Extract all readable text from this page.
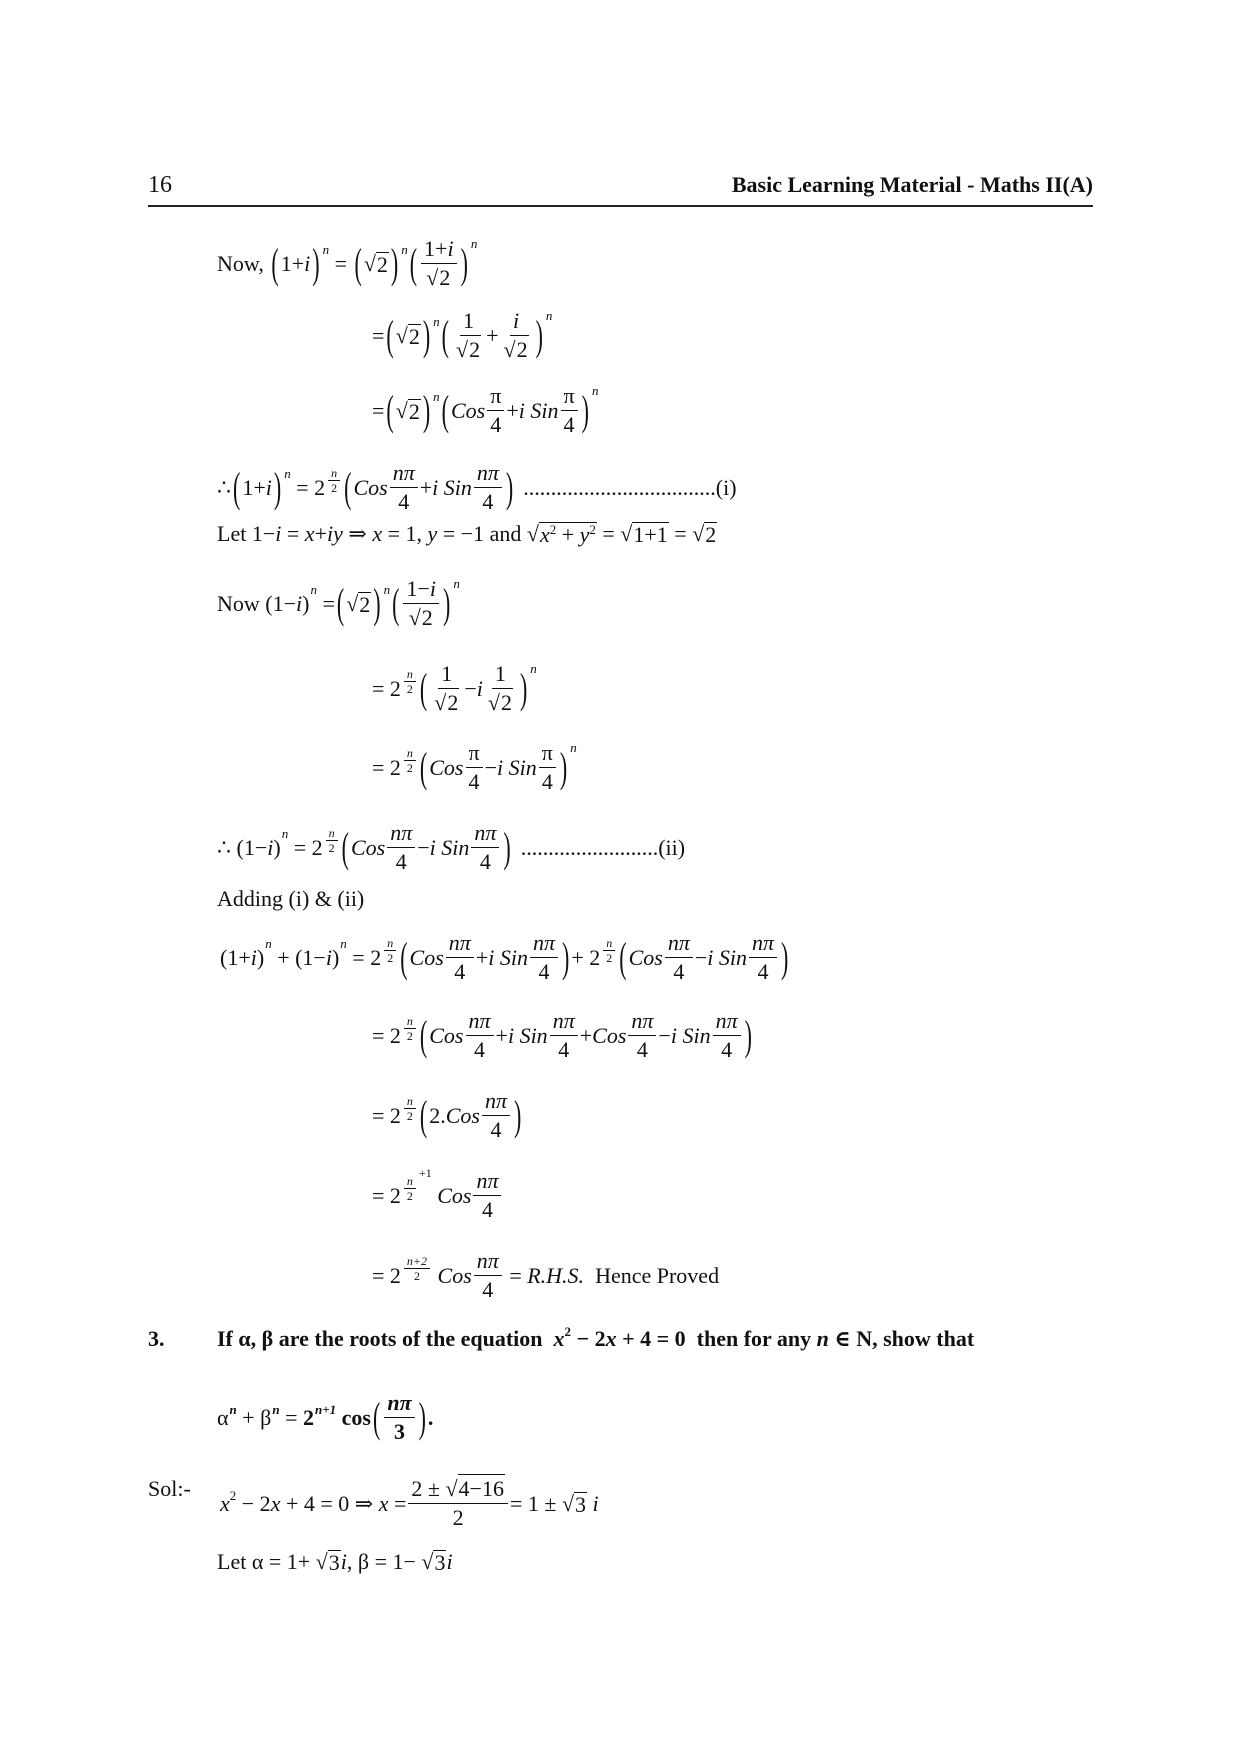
16	Basic Learning Material - Maths II(A)
Now,
( 1+ i ) n
= ( √ 2 ) n ( $\frac{1+i}{√2}$ ) n
= ( √ 2 ) n ( $\frac{1}{√2} + \frac{i}{√2}$ ) n
= ( √ 2 ) n ( Cos $\frac{\pi}{4} + i$ Sin $\frac{\pi}{4}$ ) n
∴ ( 1+ i ) n
= $2 \frac{n}{2}$ ( Cos $\frac{n\pi}{4} + i$ Sin $\frac{n\pi}{4}$ ) ...................................(i)
Let 1− i = x + iy ⇒ x = 1, y = −1 and √ $x^2 + y^2$ = √ 1+1 = √ 2
Now (1− i )
n
= ( √ 2 ) n ( $\frac{1-i}{√2}$ ) n
= $2 \frac{n}{2}$ ( $\frac{1}{√2} - i \frac{1}{√2}$ ) n
= $2 \frac{n}{2}$ ( Cos $\frac{\pi}{4} - i$ Sin $\frac{\pi}{4}$ ) n
∴ (1− i )
n
= $2 \frac{n}{2}$ ( Cos $\frac{n\pi}{4} - i$ Sin $\frac{n\pi}{4}$ ) .........................(ii)
Adding (i) & (ii)
(1+ i )
n
+ (1− i )
n
= $2 \frac{n}{2}$ ( Cos $\frac{n\pi}{4} + i$ Sin $\frac{n\pi}{4}$ ) + $2 \frac{n}{2}$ ( Cos $\frac{n\pi}{4} - i$ Sin $\frac{n\pi}{4}$ )
= $2 \frac{n}{2}$ ( Cos $\frac{n\pi}{4} + i$ Sin $\frac{n\pi}{4}$ + Cos $\frac{n\pi}{4} - i$ Sin $\frac{n\pi}{4}$ )
= $2 \frac{n}{2}$ ( 2. Cos $\frac{n\pi}{4}$ )
= $2 \frac{n}{2}$
+1

Cos $\frac{n\pi}{4}$
= $2 \frac{n+2}{2}$
Cos $\frac{n\pi}{4} = R.H.S$.
Hence Proved
3. If α, β are the roots of the equation
x 2 − 2 x + 4 = 0 then for any
n ∈ N , show that
α n + β n = 2 n+1
cos ( $\frac{n\pi}{3}$ ) .
Sol:-
x 2 − 2 x + 4 = 0 ⇒ $x = \frac{2 \pm √4-16}{2} = 1$ ± √ 3
i
Let α = 1+ √ 3 i , β = 1− √ 3 i
